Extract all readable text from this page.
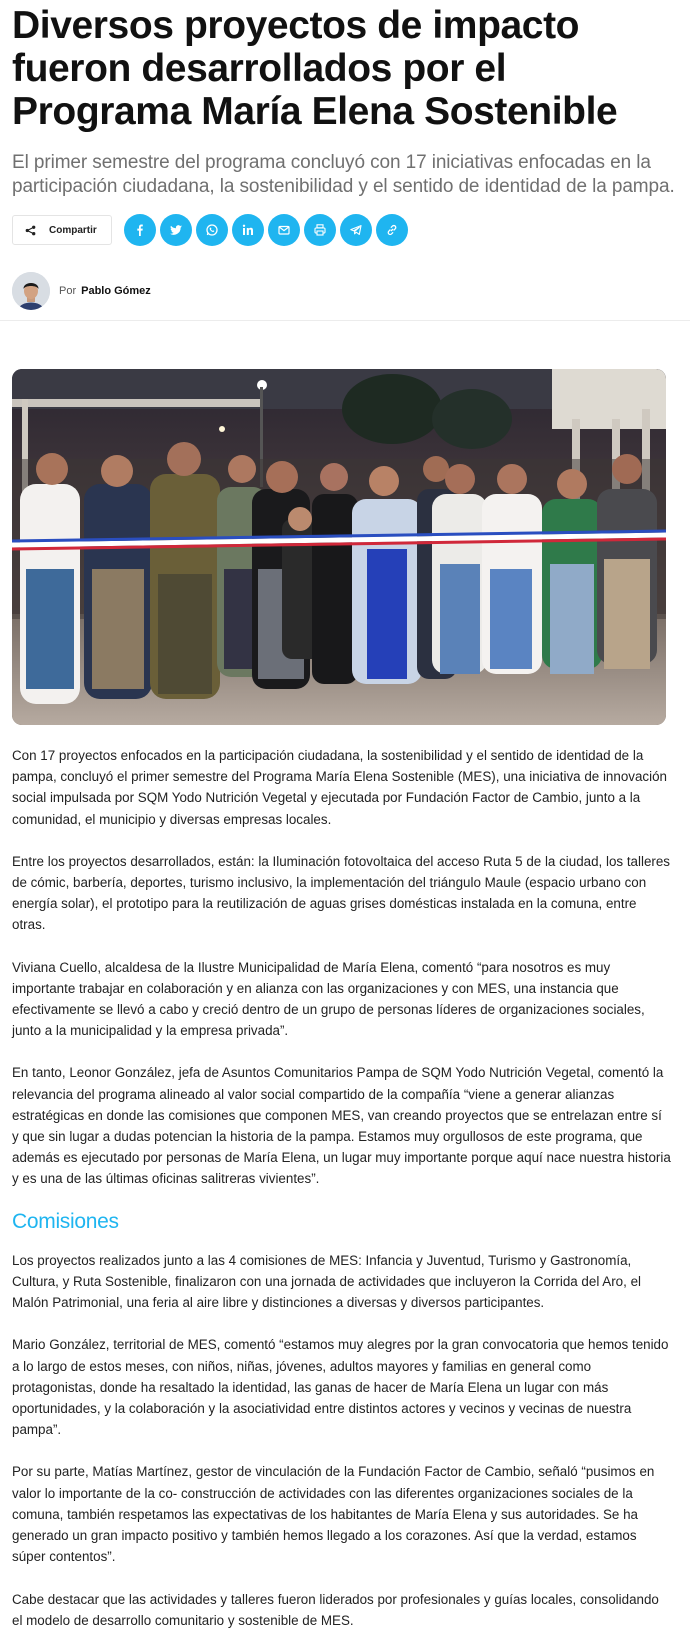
Diversos proyectos de impacto fueron desarrollados por el Programa María Elena Sostenible
El primer semestre del programa concluyó con 17 iniciativas enfocadas en la participación ciudadana, la sostenibilidad y el sentido de identidad de la pampa.
Compartir
Por Pablo Gómez

Con 17 proyectos enfocados en la participación ciudadana, la sostenibilidad y el sentido de identidad de la pampa, concluyó el primer semestre del Programa María Elena Sostenible (MES), una iniciativa de innovación social impulsada por SQM Yodo Nutrición Vegetal y ejecutada por Fundación Factor de Cambio, junto a la comunidad, el municipio y diversas empresas locales.

Entre los proyectos desarrollados, están: la Iluminación fotovoltaica del acceso Ruta 5 de la ciudad, los talleres de cómic, barbería, deportes, turismo inclusivo, la implementación del triángulo Maule (espacio urbano con energía solar), el prototipo para la reutilización de aguas grises domésticas instalada en la comuna, entre otras.

Viviana Cuello, alcaldesa de la Ilustre Municipalidad de María Elena, comentó “para nosotros es muy importante trabajar en colaboración y en alianza con las organizaciones y con MES, una instancia que efectivamente se llevó a cabo y creció dentro de un grupo de personas líderes de organizaciones sociales, junto a la municipalidad y la empresa privada”.

En tanto, Leonor González, jefa de Asuntos Comunitarios Pampa de SQM Yodo Nutrición Vegetal, comentó la relevancia del programa alineado al valor social compartido de la compañía “viene a generar alianzas estratégicas en donde las comisiones que componen MES, van creando proyectos que se entrelazan entre sí y que sin lugar a dudas potencian la historia de la pampa. Estamos muy orgullosos de este programa, que además es ejecutado por personas de María Elena, un lugar muy importante porque aquí nace nuestra historia y es una de las últimas oficinas salitreras vivientes”.

Comisiones

Los proyectos realizados junto a las 4 comisiones de MES: Infancia y Juventud, Turismo y Gastronomía, Cultura, y Ruta Sostenible, finalizaron con una jornada de actividades que incluyeron la Corrida del Aro, el Malón Patrimonial, una feria al aire libre y distinciones a diversas y diversos participantes.

Mario González, territorial de MES, comentó “estamos muy alegres por la gran convocatoria que hemos tenido a lo largo de estos meses, con niños, niñas, jóvenes, adultos mayores y familias en general como protagonistas, donde ha resaltado la identidad, las ganas de hacer de María Elena un lugar con más oportunidades, y la colaboración y la asociatividad entre distintos actores y vecinos y vecinas de nuestra pampa”.

Por su parte, Matías Martínez, gestor de vinculación de la Fundación Factor de Cambio, señaló “pusimos en valor lo importante de la co- construcción de actividades con las diferentes organizaciones sociales de la comuna, también respetamos las expectativas de los habitantes de María Elena y sus autoridades. Se ha generado un gran impacto positivo y también hemos llegado a los corazones. Así que la verdad, estamos súper contentos”.

Cabe destacar que las actividades y talleres fueron liderados por profesionales y guías locales, consolidando el modelo de desarrollo comunitario y sostenible de MES.
